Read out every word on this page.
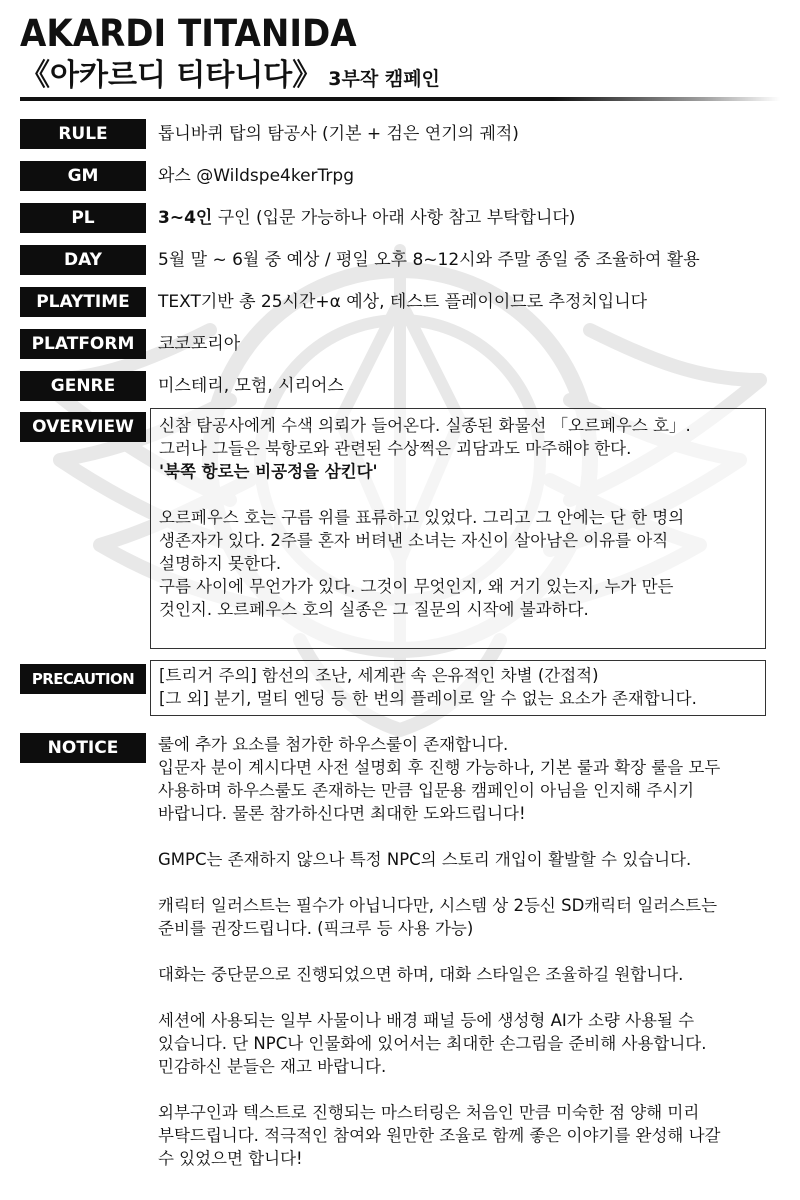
AKARDI TITANIDA
《아카르디 티타니다》 3부작 캠페인
RULE	톱니바퀴 탑의 탐공사 (기본 + 검은 연기의 궤적)
GM	와스 @Wildspe4kerTrpg
PL	3~4인 구인 (입문 가능하나 아래 사항 참고 부탁합니다)
DAY	5월 말 ~ 6월 중 예상 / 평일 오후 8~12시와 주말 종일 중 조율하여 활용
PLAYTIME	TEXT기반 총 25시간+α 예상, 테스트 플레이이므로 추정치입니다
PLATFORM	코코포리아
GENRE	미스테리, 모험, 시리어스
OVERVIEW	신참 탐공사에게 수색 의뢰가 들어온다. 실종된 화물선 「오르페우스 호」.

그러나 그들은 북항로와 관련된 수상쩍은 괴담과도 마주해야 한다.

'북쪽 항로는 비공정을 삼킨다'

오르페우스 호는 구름 위를 표류하고 있었다. 그리고 그 안에는 단 한 명의

생존자가 있다. 2주를 혼자 버텨낸 소녀는 자신이 살아남은 이유를 아직

설명하지 못한다.

구름 사이에 무언가가 있다. 그것이 무엇인지, 왜 거기 있는지, 누가 만든

것인지. 오르페우스 호의 실종은 그 질문의 시작에 불과하다.

PRECAUTION	[트리거 주의] 함선의 조난, 세계관 속 은유적인 차별 (간접적)

[그 외] 분기, 멀티 엔딩 등 한 번의 플레이로 알 수 없는 요소가 존재합니다.

NOTICE	룰에 추가 요소를 첨가한 하우스룰이 존재합니다.

입문자 분이 계시다면 사전 설명회 후 진행 가능하나, 기본 룰과 확장 룰을 모두

사용하며 하우스룰도 존재하는 만큼 입문용 캠페인이 아님을 인지해 주시기

바랍니다. 물론 참가하신다면 최대한 도와드립니다!

GMPC는 존재하지 않으나 특정 NPC의 스토리 개입이 활발할 수 있습니다.

캐릭터 일러스트는 필수가 아닙니다만, 시스템 상 2등신 SD캐릭터 일러스트는

준비를 권장드립니다. (픽크루 등 사용 가능)

대화는 중단문으로 진행되었으면 하며, 대화 스타일은 조율하길 원합니다.

세션에 사용되는 일부 사물이나 배경 패널 등에 생성형 AI가 소량 사용될 수

있습니다. 단 NPC나 인물화에 있어서는 최대한 손그림을 준비해 사용합니다.

민감하신 분들은 재고 바랍니다.

외부구인과 텍스트로 진행되는 마스터링은 처음인 만큼 미숙한 점 양해 미리

부탁드립니다. 적극적인 참여와 원만한 조율로 함께 좋은 이야기를 완성해 나갈

수 있었으면 합니다!
